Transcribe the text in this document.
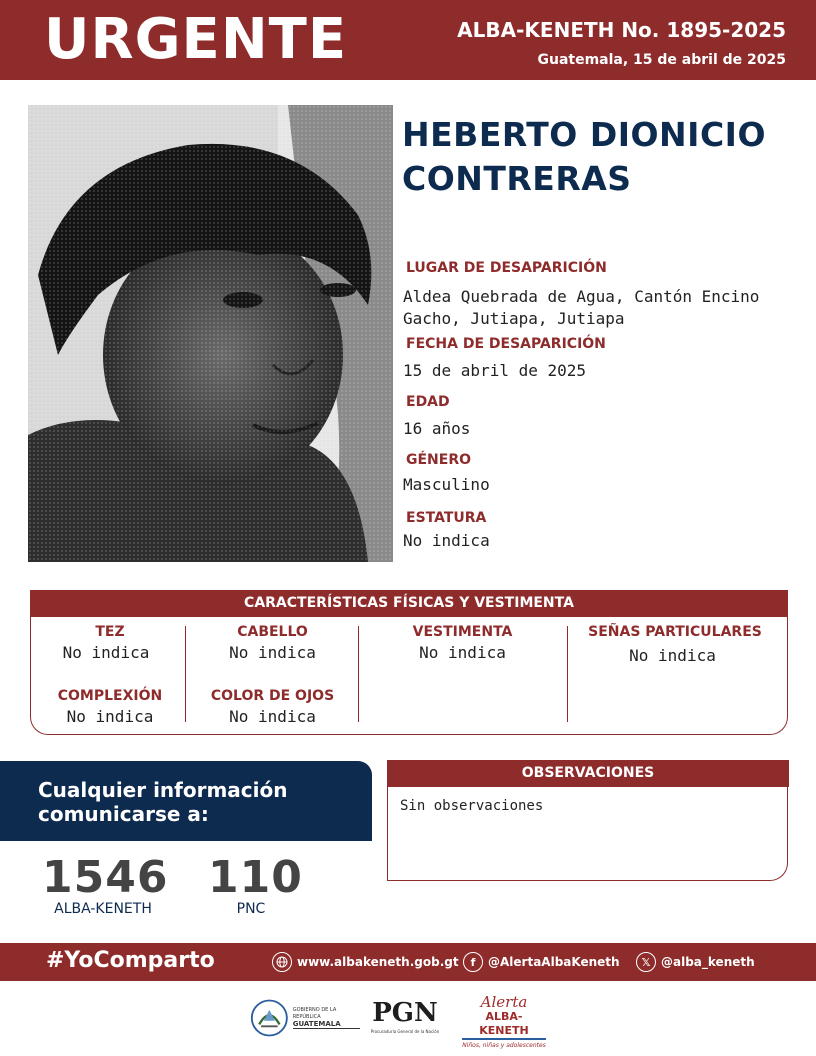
URGENTE	ALBA-KENETH No. 1895-2025
Guatemala, 15 de abril de 2025
HEBERTO DIONICIO
CONTRERAS
LUGAR DE DESAPARICIÓN
Aldea Quebrada de Agua, Cantón Encino
Gacho, Jutiapa, Jutiapa
FECHA DE DESAPARICIÓN
15 de abril de 2025
EDAD
16 años
GÉNERO
Masculino
ESTATURA
No indica
CARACTERÍSTICAS FÍSICAS Y VESTIMENTA
TEZ
No indica
CABELLO
No indica
VESTIMENTA
No indica
SEÑAS PARTICULARES
No indica
COMPLEXIÓN
No indica
COLOR DE OJOS
No indica
Cualquier información
comunicarse a:
1546
ALBA-KENETH
110
PNC
OBSERVACIONES
Sin observaciones
#YoComparto	www.albakeneth.gob.gt	f	@AlertaAlbaKeneth	𝕏 @alba_keneth
GOBIERNO DE LA REPÚBLICA
GUATEMALA	PGN
Procuraduría General de la Nación
Alerta
ALBA-KENETH
Niños, niñas y adolescentes
